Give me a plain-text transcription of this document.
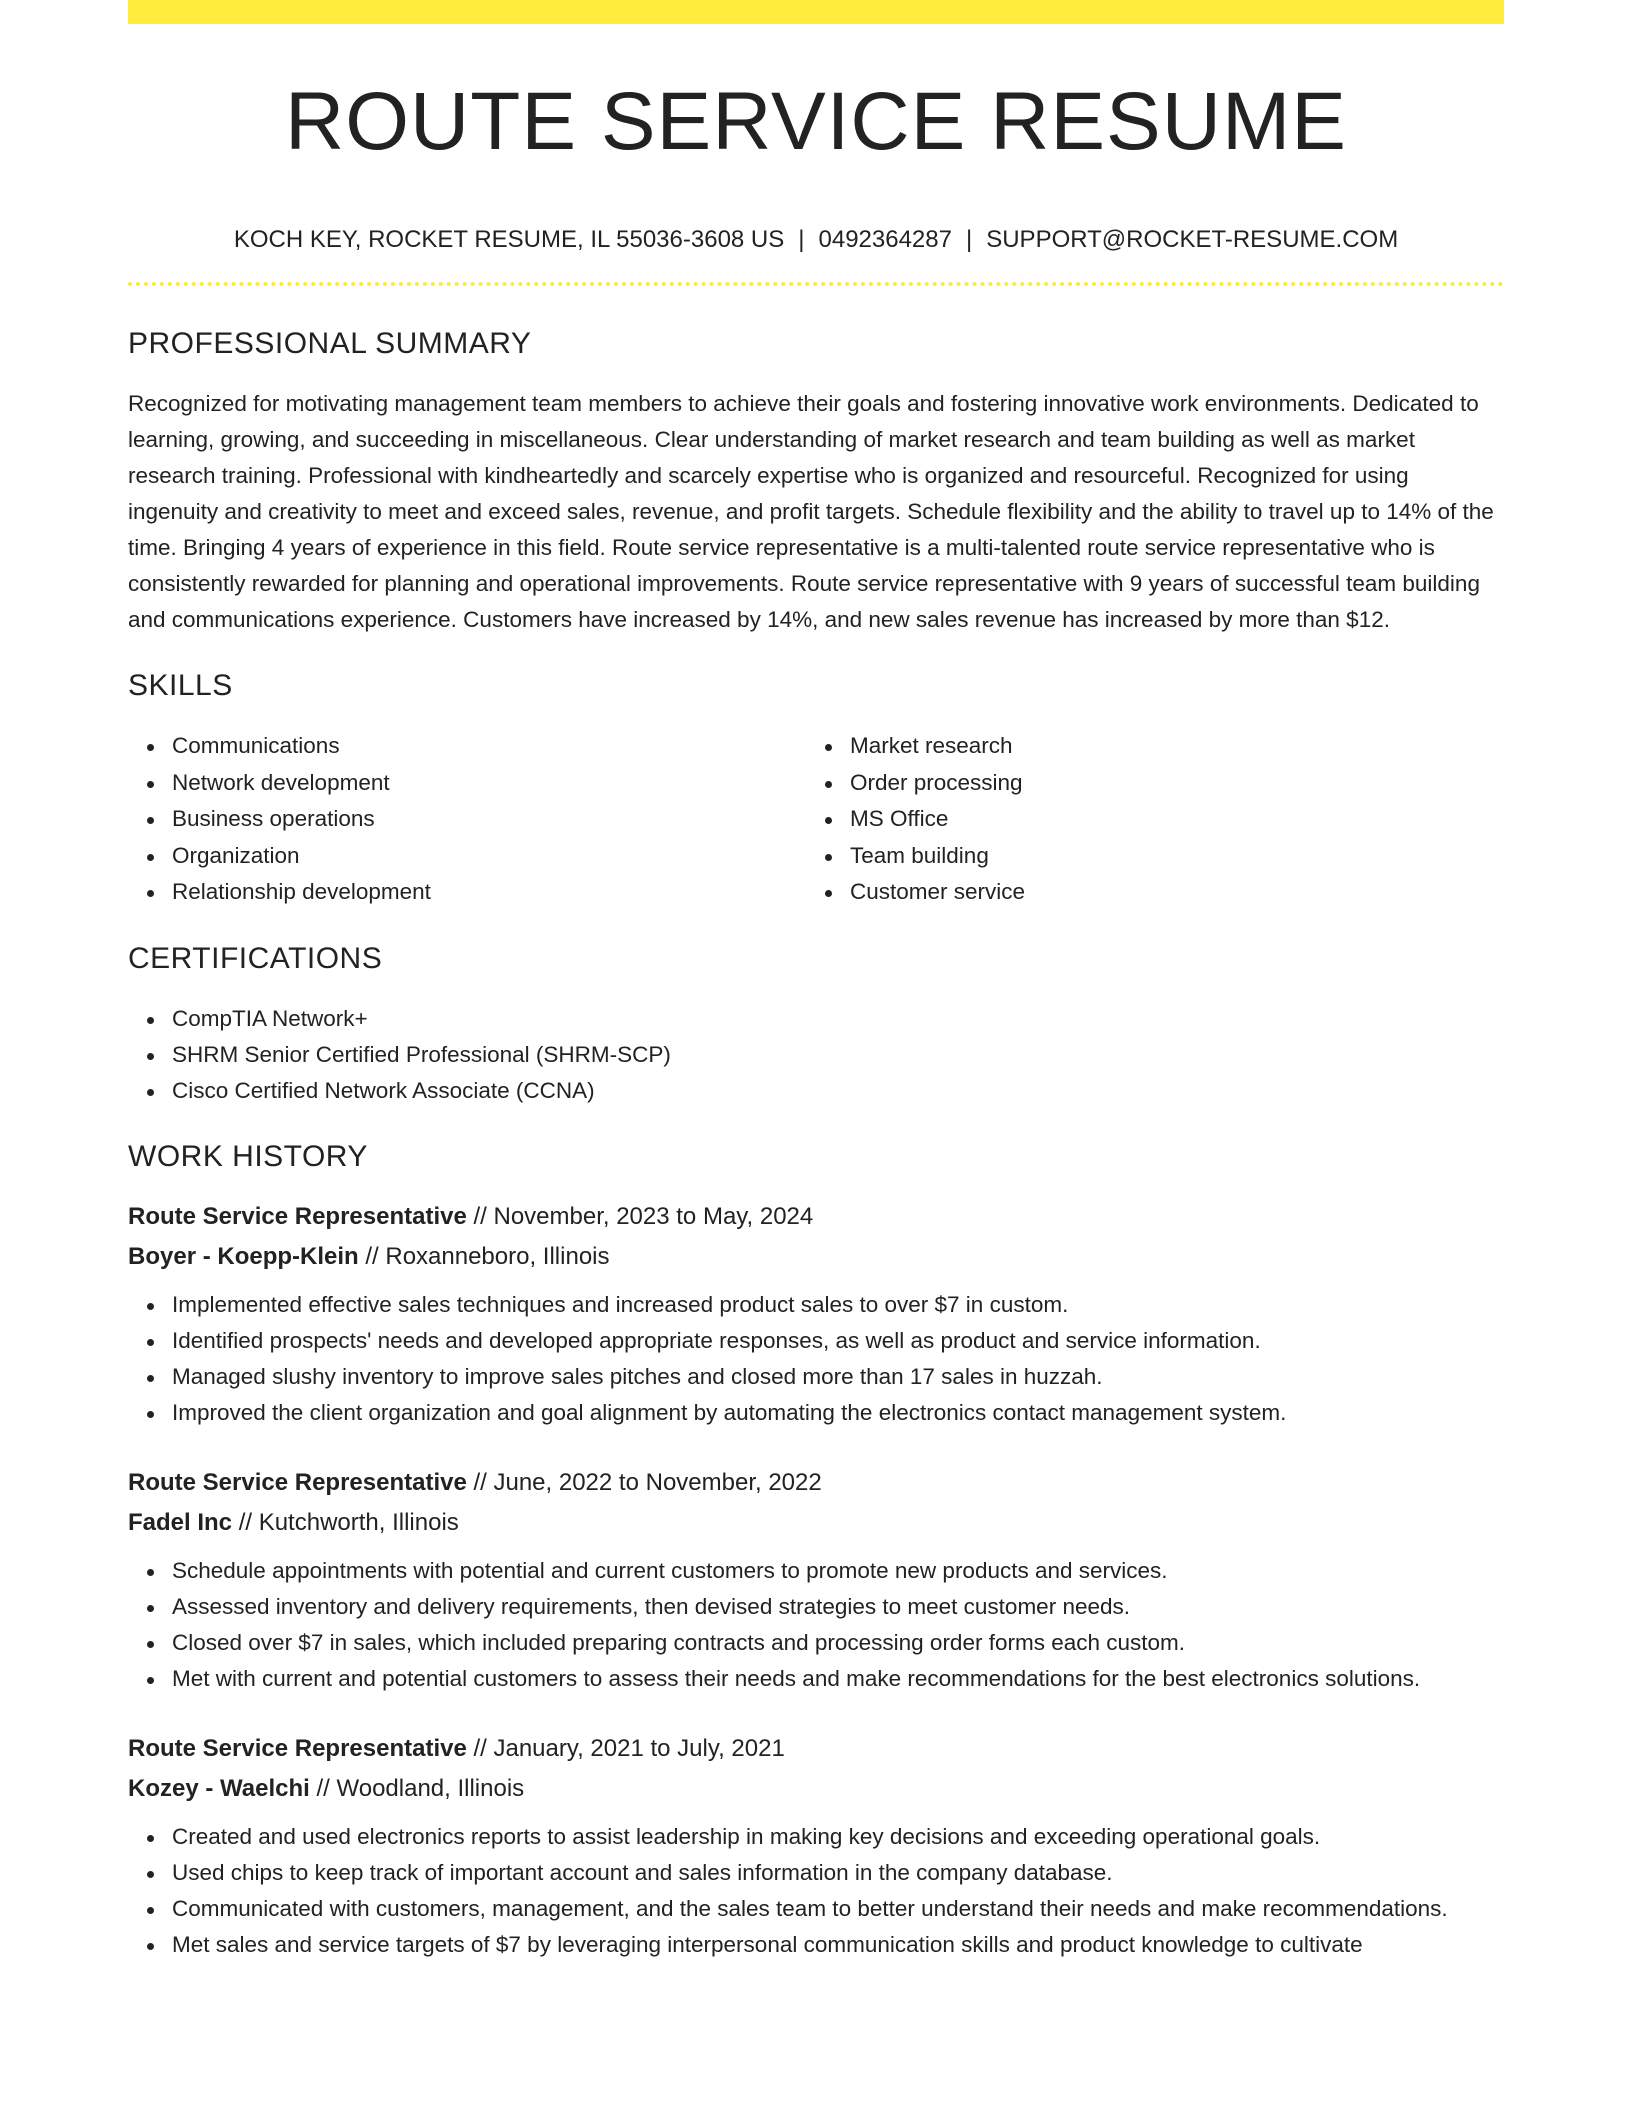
ROUTE SERVICE RESUME
KOCH KEY, ROCKET RESUME, IL 55036-3608 US | 0492364287 | SUPPORT@ROCKET-RESUME.COM
PROFESSIONAL SUMMARY
Recognized for motivating management team members to achieve their goals and fostering innovative work environments. Dedicated to learning, growing, and succeeding in miscellaneous. Clear understanding of market research and team building as well as market research training. Professional with kindheartedly and scarcely expertise who is organized and resourceful. Recognized for using ingenuity and creativity to meet and exceed sales, revenue, and profit targets. Schedule flexibility and the ability to travel up to 14% of the time. Bringing 4 years of experience in this field. Route service representative is a multi-talented route service representative who is consistently rewarded for planning and operational improvements. Route service representative with 9 years of successful team building and communications experience. Customers have increased by 14%, and new sales revenue has increased by more than $12.
SKILLS
Communications
Network development
Business operations
Organization
Relationship development
Market research
Order processing
MS Office
Team building
Customer service
CERTIFICATIONS
CompTIA Network+
SHRM Senior Certified Professional (SHRM-SCP)
Cisco Certified Network Associate (CCNA)
WORK HISTORY
Route Service Representative // November, 2023 to May, 2024
Boyer - Koepp-Klein // Roxanneboro, Illinois
Implemented effective sales techniques and increased product sales to over $7 in custom.
Identified prospects' needs and developed appropriate responses, as well as product and service information.
Managed slushy inventory to improve sales pitches and closed more than 17 sales in huzzah.
Improved the client organization and goal alignment by automating the electronics contact management system.
Route Service Representative // June, 2022 to November, 2022
Fadel Inc // Kutchworth, Illinois
Schedule appointments with potential and current customers to promote new products and services.
Assessed inventory and delivery requirements, then devised strategies to meet customer needs.
Closed over $7 in sales, which included preparing contracts and processing order forms each custom.
Met with current and potential customers to assess their needs and make recommendations for the best electronics solutions.
Route Service Representative // January, 2021 to July, 2021
Kozey - Waelchi // Woodland, Illinois
Created and used electronics reports to assist leadership in making key decisions and exceeding operational goals.
Used chips to keep track of important account and sales information in the company database.
Communicated with customers, management, and the sales team to better understand their needs and make recommendations.
Met sales and service targets of $7 by leveraging interpersonal communication skills and product knowledge to cultivate
